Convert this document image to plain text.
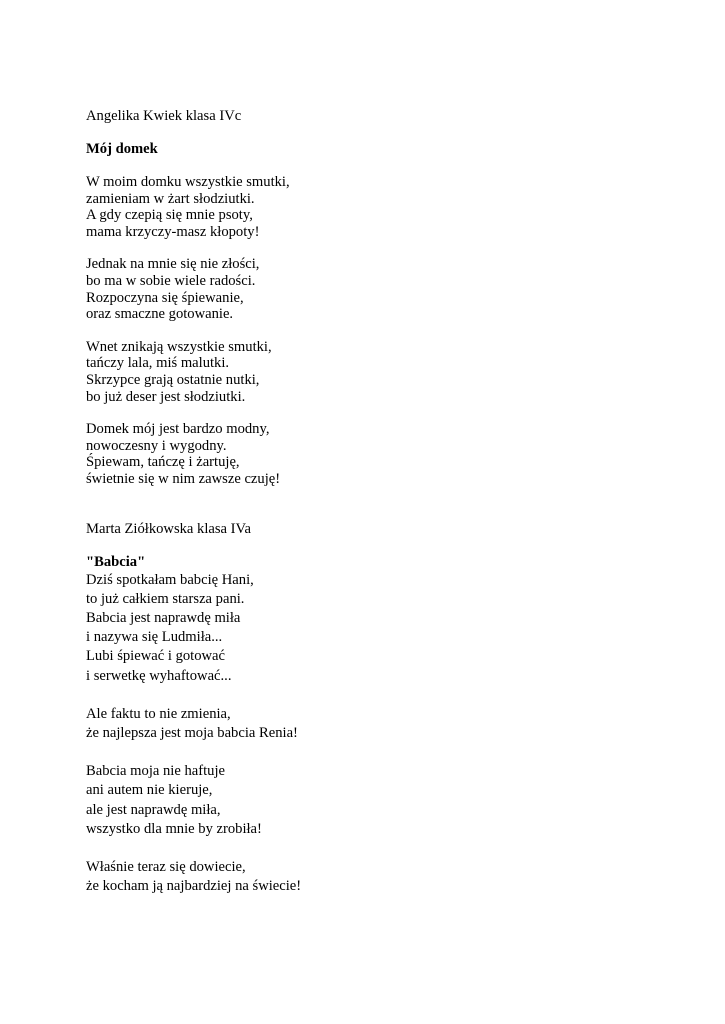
Angelika Kwiek klasa IVc

Mój domek

W moim domku wszystkie smutki,
zamieniam w żart słodziutki.
A gdy czepią się mnie psoty,
mama krzyczy-masz kłopoty!
Jednak na mnie się nie złości,
bo ma w sobie wiele radości.
Rozpoczyna się śpiewanie,
oraz smaczne gotowanie.
Wnet znikają wszystkie smutki,
tańczy lala, miś malutki.
Skrzypce grają ostatnie nutki,
bo już deser jest słodziutki.
Domek mój jest bardzo modny,
nowoczesny i wygodny.
Śpiewam, tańczę i żartuję,
świetnie się w nim zawsze czuję!

Marta Ziółkowska klasa IVa

"Babcia"

Dziś spotkałam babcię Hani,
to już całkiem starsza pani.
Babcia jest naprawdę miła
i nazywa się Ludmiła...
Lubi śpiewać i gotować
i serwetkę wyhaftować...
Ale faktu to nie zmienia,
że najlepsza jest moja babcia Renia!
Babcia moja nie haftuje
ani autem nie kieruje,
ale jest naprawdę miła,
wszystko dla mnie by zrobiła!
Właśnie teraz się dowiecie,
że kocham ją najbardziej na świecie!
